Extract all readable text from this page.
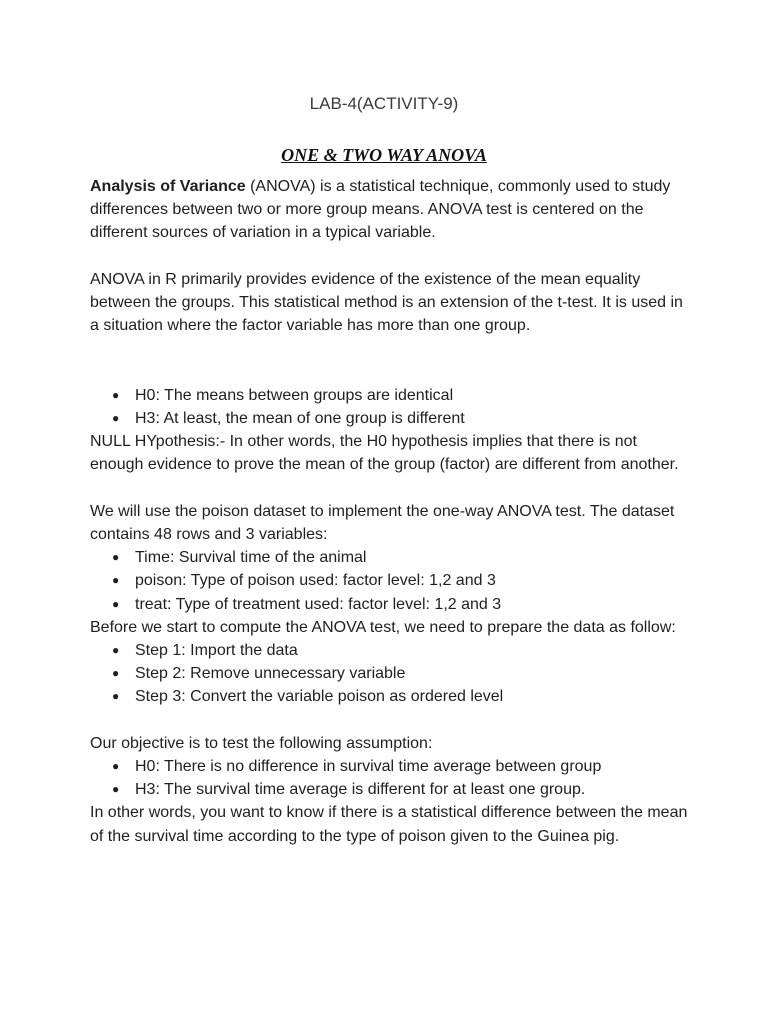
LAB-4(ACTIVITY-9)
ONE & TWO WAY ANOVA

Analysis of Variance (ANOVA) is a statistical technique, commonly used to study differences between two or more group means. ANOVA test is centered on the different sources of variation in a typical variable.

ANOVA in R primarily provides evidence of the existence of the mean equality between the groups. This statistical method is an extension of the t-test. It is used in a situation where the factor variable has more than one group.

● H0: The means between groups are identical
● H3: At least, the mean of one group is different

NULL HYpothesis:- In other words, the H0 hypothesis implies that there is not enough evidence to prove the mean of the group (factor) are different from another.

We will use the poison dataset to implement the one-way ANOVA test. The dataset contains 48 rows and 3 variables:

● Time: Survival time of the animal
● poison: Type of poison used: factor level: 1,2 and 3
● treat: Type of treatment used: factor level: 1,2 and 3

Before we start to compute the ANOVA test, we need to prepare the data as follow:

● Step 1: Import the data
● Step 2: Remove unnecessary variable
● Step 3: Convert the variable poison as ordered level

Our objective is to test the following assumption:

● H0: There is no difference in survival time average between group
● H3: The survival time average is different for at least one group.

In other words, you want to know if there is a statistical difference between the mean of the survival time according to the type of poison given to the Guinea pig.
